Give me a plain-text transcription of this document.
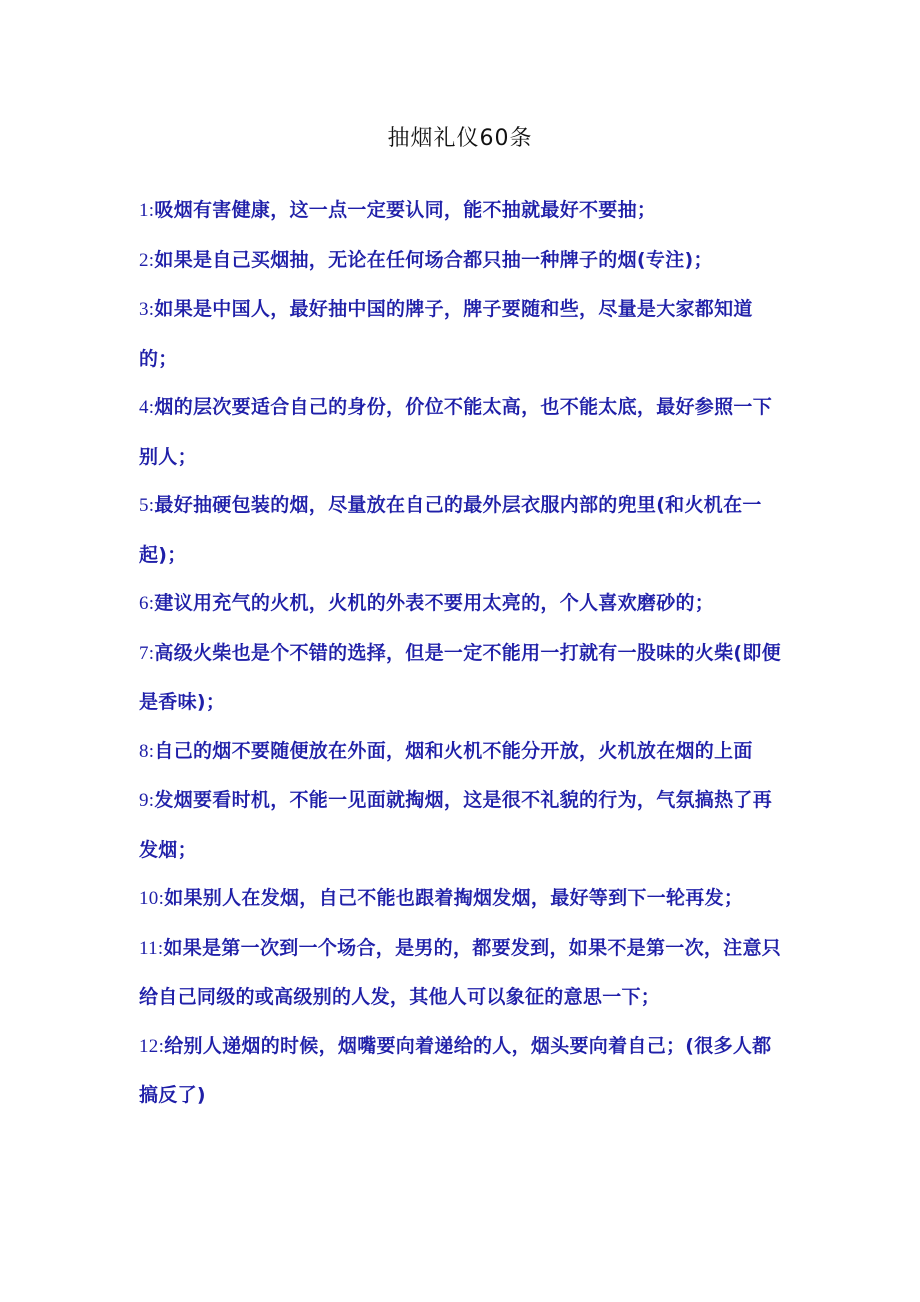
抽烟礼仪60条

1:吸烟有害健康，这一点一定要认同，能不抽就最好不要抽；

2:如果是自己买烟抽，无论在任何场合都只抽一种牌子的烟(专注)；

3:如果是中国人，最好抽中国的牌子，牌子要随和些，尽量是大家都知道的；

4:烟的层次要适合自己的身份，价位不能太高，也不能太底，最好参照一下别人；

5:最好抽硬包装的烟，尽量放在自己的最外层衣服内部的兜里(和火机在一起)；

6:建议用充气的火机，火机的外表不要用太亮的，个人喜欢磨砂的；

7:高级火柴也是个不错的选择，但是一定不能用一打就有一股味的火柴(即便是香味)；

8:自己的烟不要随便放在外面，烟和火机不能分开放，火机放在烟的上面

9:发烟要看时机，不能一见面就掏烟，这是很不礼貌的行为，气氛搞热了再发烟；

10:如果别人在发烟，自己不能也跟着掏烟发烟，最好等到下一轮再发；

11:如果是第一次到一个场合，是男的，都要发到，如果不是第一次，注意只给自己同级的或高级别的人发，其他人可以象征的意思一下；

12:给别人递烟的时候，烟嘴要向着递给的人，烟头要向着自己；(很多人都搞反了)
